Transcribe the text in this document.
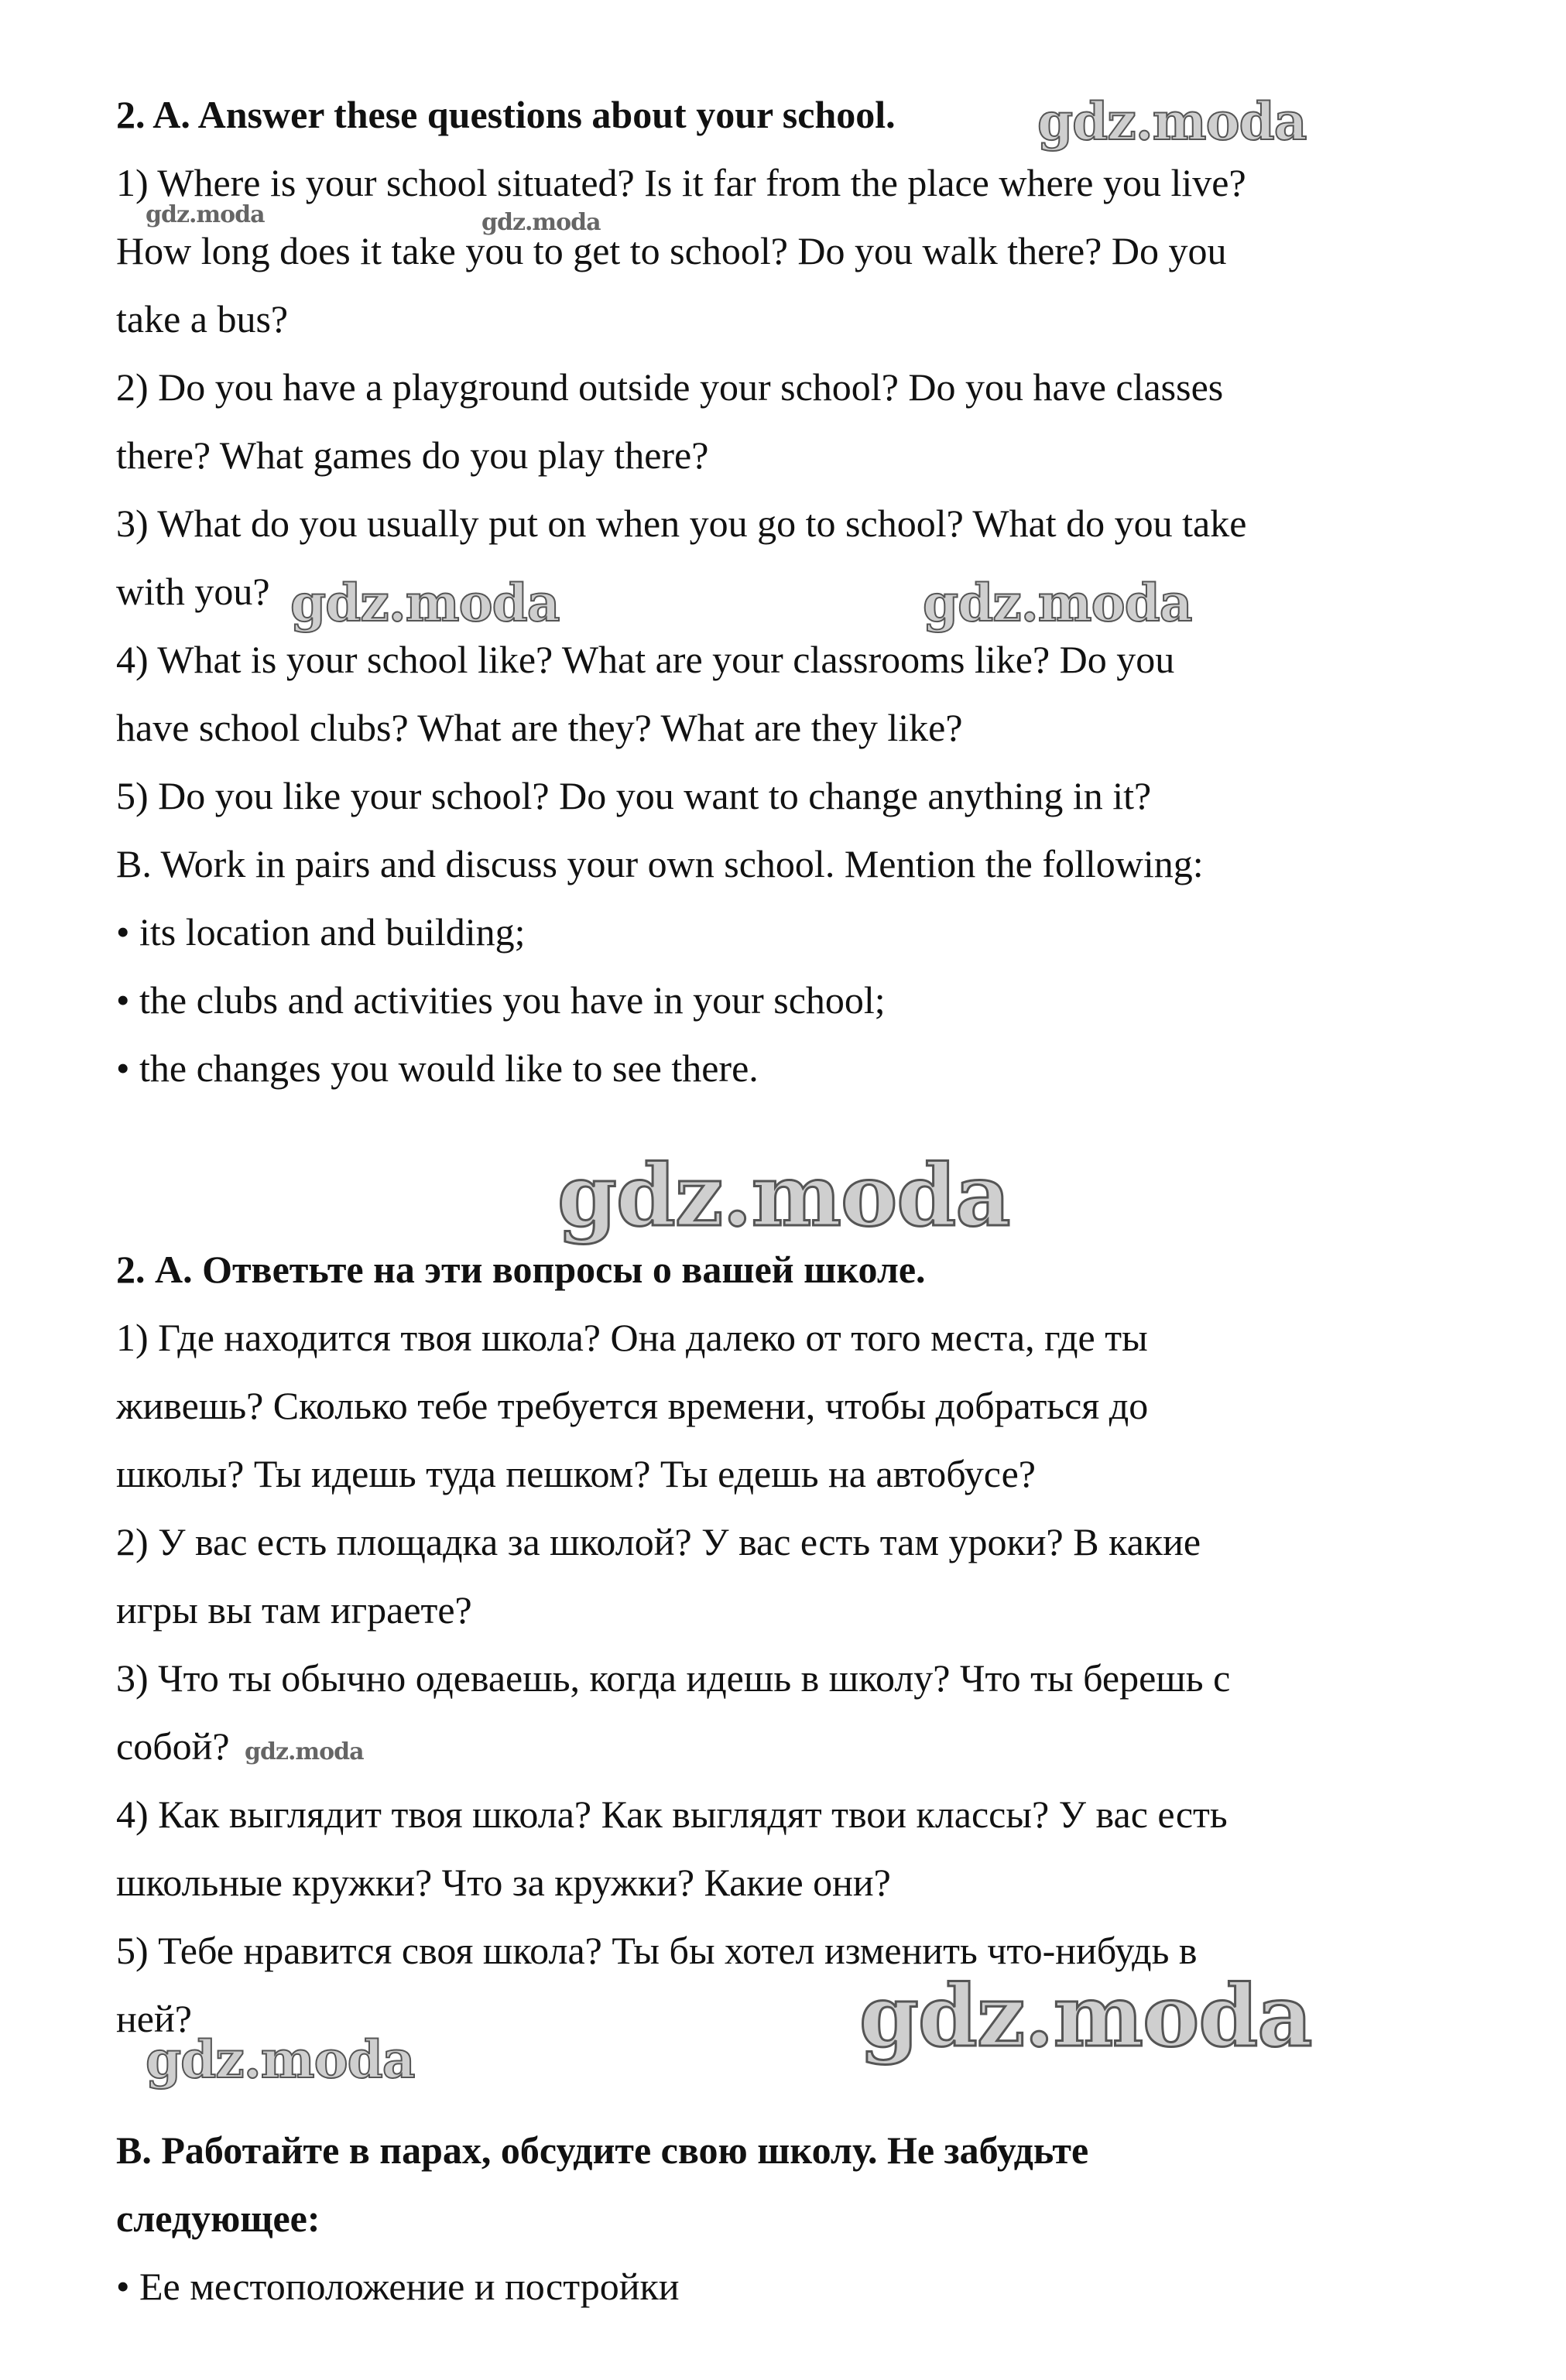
2. A. Answer these questions about your school.
1) Where is your school situated? Is it far from the place where you live?
How long does it take you to get to school? Do you walk there? Do you
take a bus?
2) Do you have a playground outside your school? Do you have classes
there? What games do you play there?
3) What do you usually put on when you go to school? What do you take
with you?
4) What is your school like? What are your classrooms like? Do you
have school clubs? What are they? What are they like?
5) Do you like your school? Do you want to change anything in it?
B. Work in pairs and discuss your own school. Mention the following:
• its location and building;
• the clubs and activities you have in your school;
• the changes you would like to see there.
2. А. Ответьте на эти вопросы о вашей школе.
1) Где находится твоя школа? Она далеко от того места, где ты
живешь? Сколько тебе требуется времени, чтобы добраться до
школы? Ты идешь туда пешком? Ты едешь на автобусе?
2) У вас есть площадка за школой? У вас есть там уроки? В какие
игры вы там играете?
3) Что ты обычно одеваешь, когда идешь в школу? Что ты берешь с
собой?
4) Как выглядит твоя школа? Как выглядят твои классы? У вас есть
школьные кружки? Что за кружки? Какие они?
5) Тебе нравится своя школа? Ты бы хотел изменить что-нибудь в
ней?
В. Работайте в парах, обсудите свою школу. Не забудьте
следующее:
• Ее местоположение и постройки
gdz.moda
gdz.moda	gdz.moda
gdz.moda	gdz.moda
gdz.moda
gdz.moda
gdz.moda
gdz.moda
